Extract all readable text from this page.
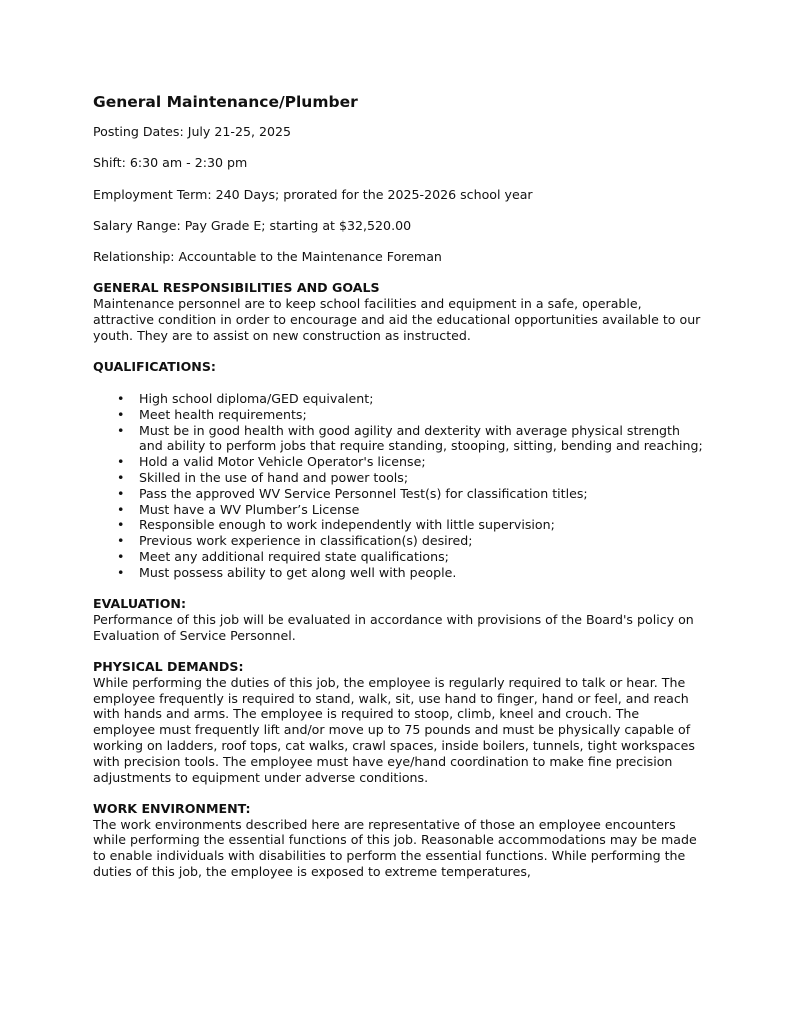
General Maintenance/Plumber
Posting Dates: July 21-25, 2025
Shift: 6:30 am - 2:30 pm
Employment Term: 240 Days; prorated for the 2025-2026 school year
Salary Range: Pay Grade E; starting at $32,520.00
Relationship: Accountable to the Maintenance Foreman
GENERAL RESPONSIBILITIES AND GOALS
Maintenance personnel are to keep school facilities and equipment in a safe, operable, attractive condition in order to encourage and aid the educational opportunities available to our youth. They are to assist on new construction as instructed.
QUALIFICATIONS:
• High school diploma/GED equivalent;
• Meet health requirements;
• Must be in good health with good agility and dexterity with average physical strength and ability to perform jobs that require standing, stooping, sitting, bending and reaching;
• Hold a valid Motor Vehicle Operator's license;
• Skilled in the use of hand and power tools;
• Pass the approved WV Service Personnel Test(s) for classification titles;
• Must have a WV Plumber’s License
• Responsible enough to work independently with little supervision;
• Previous work experience in classification(s) desired;
• Meet any additional required state qualifications;
• Must possess ability to get along well with people.
EVALUATION:
Performance of this job will be evaluated in accordance with provisions of the Board's policy on Evaluation of Service Personnel.
PHYSICAL DEMANDS:
While performing the duties of this job, the employee is regularly required to talk or hear. The employee frequently is required to stand, walk, sit, use hand to finger, hand or feel, and reach with hands and arms. The employee is required to stoop, climb, kneel and crouch. The employee must frequently lift and/or move up to 75 pounds and must be physically capable of working on ladders, roof tops, cat walks, crawl spaces, inside boilers, tunnels, tight workspaces with precision tools. The employee must have eye/hand coordination to make fine precision adjustments to equipment under adverse conditions.
WORK ENVIRONMENT:
The work environments described here are representative of those an employee encounters while performing the essential functions of this job. Reasonable accommodations may be made to enable individuals with disabilities to perform the essential functions. While performing the duties of this job, the employee is exposed to extreme temperatures,
